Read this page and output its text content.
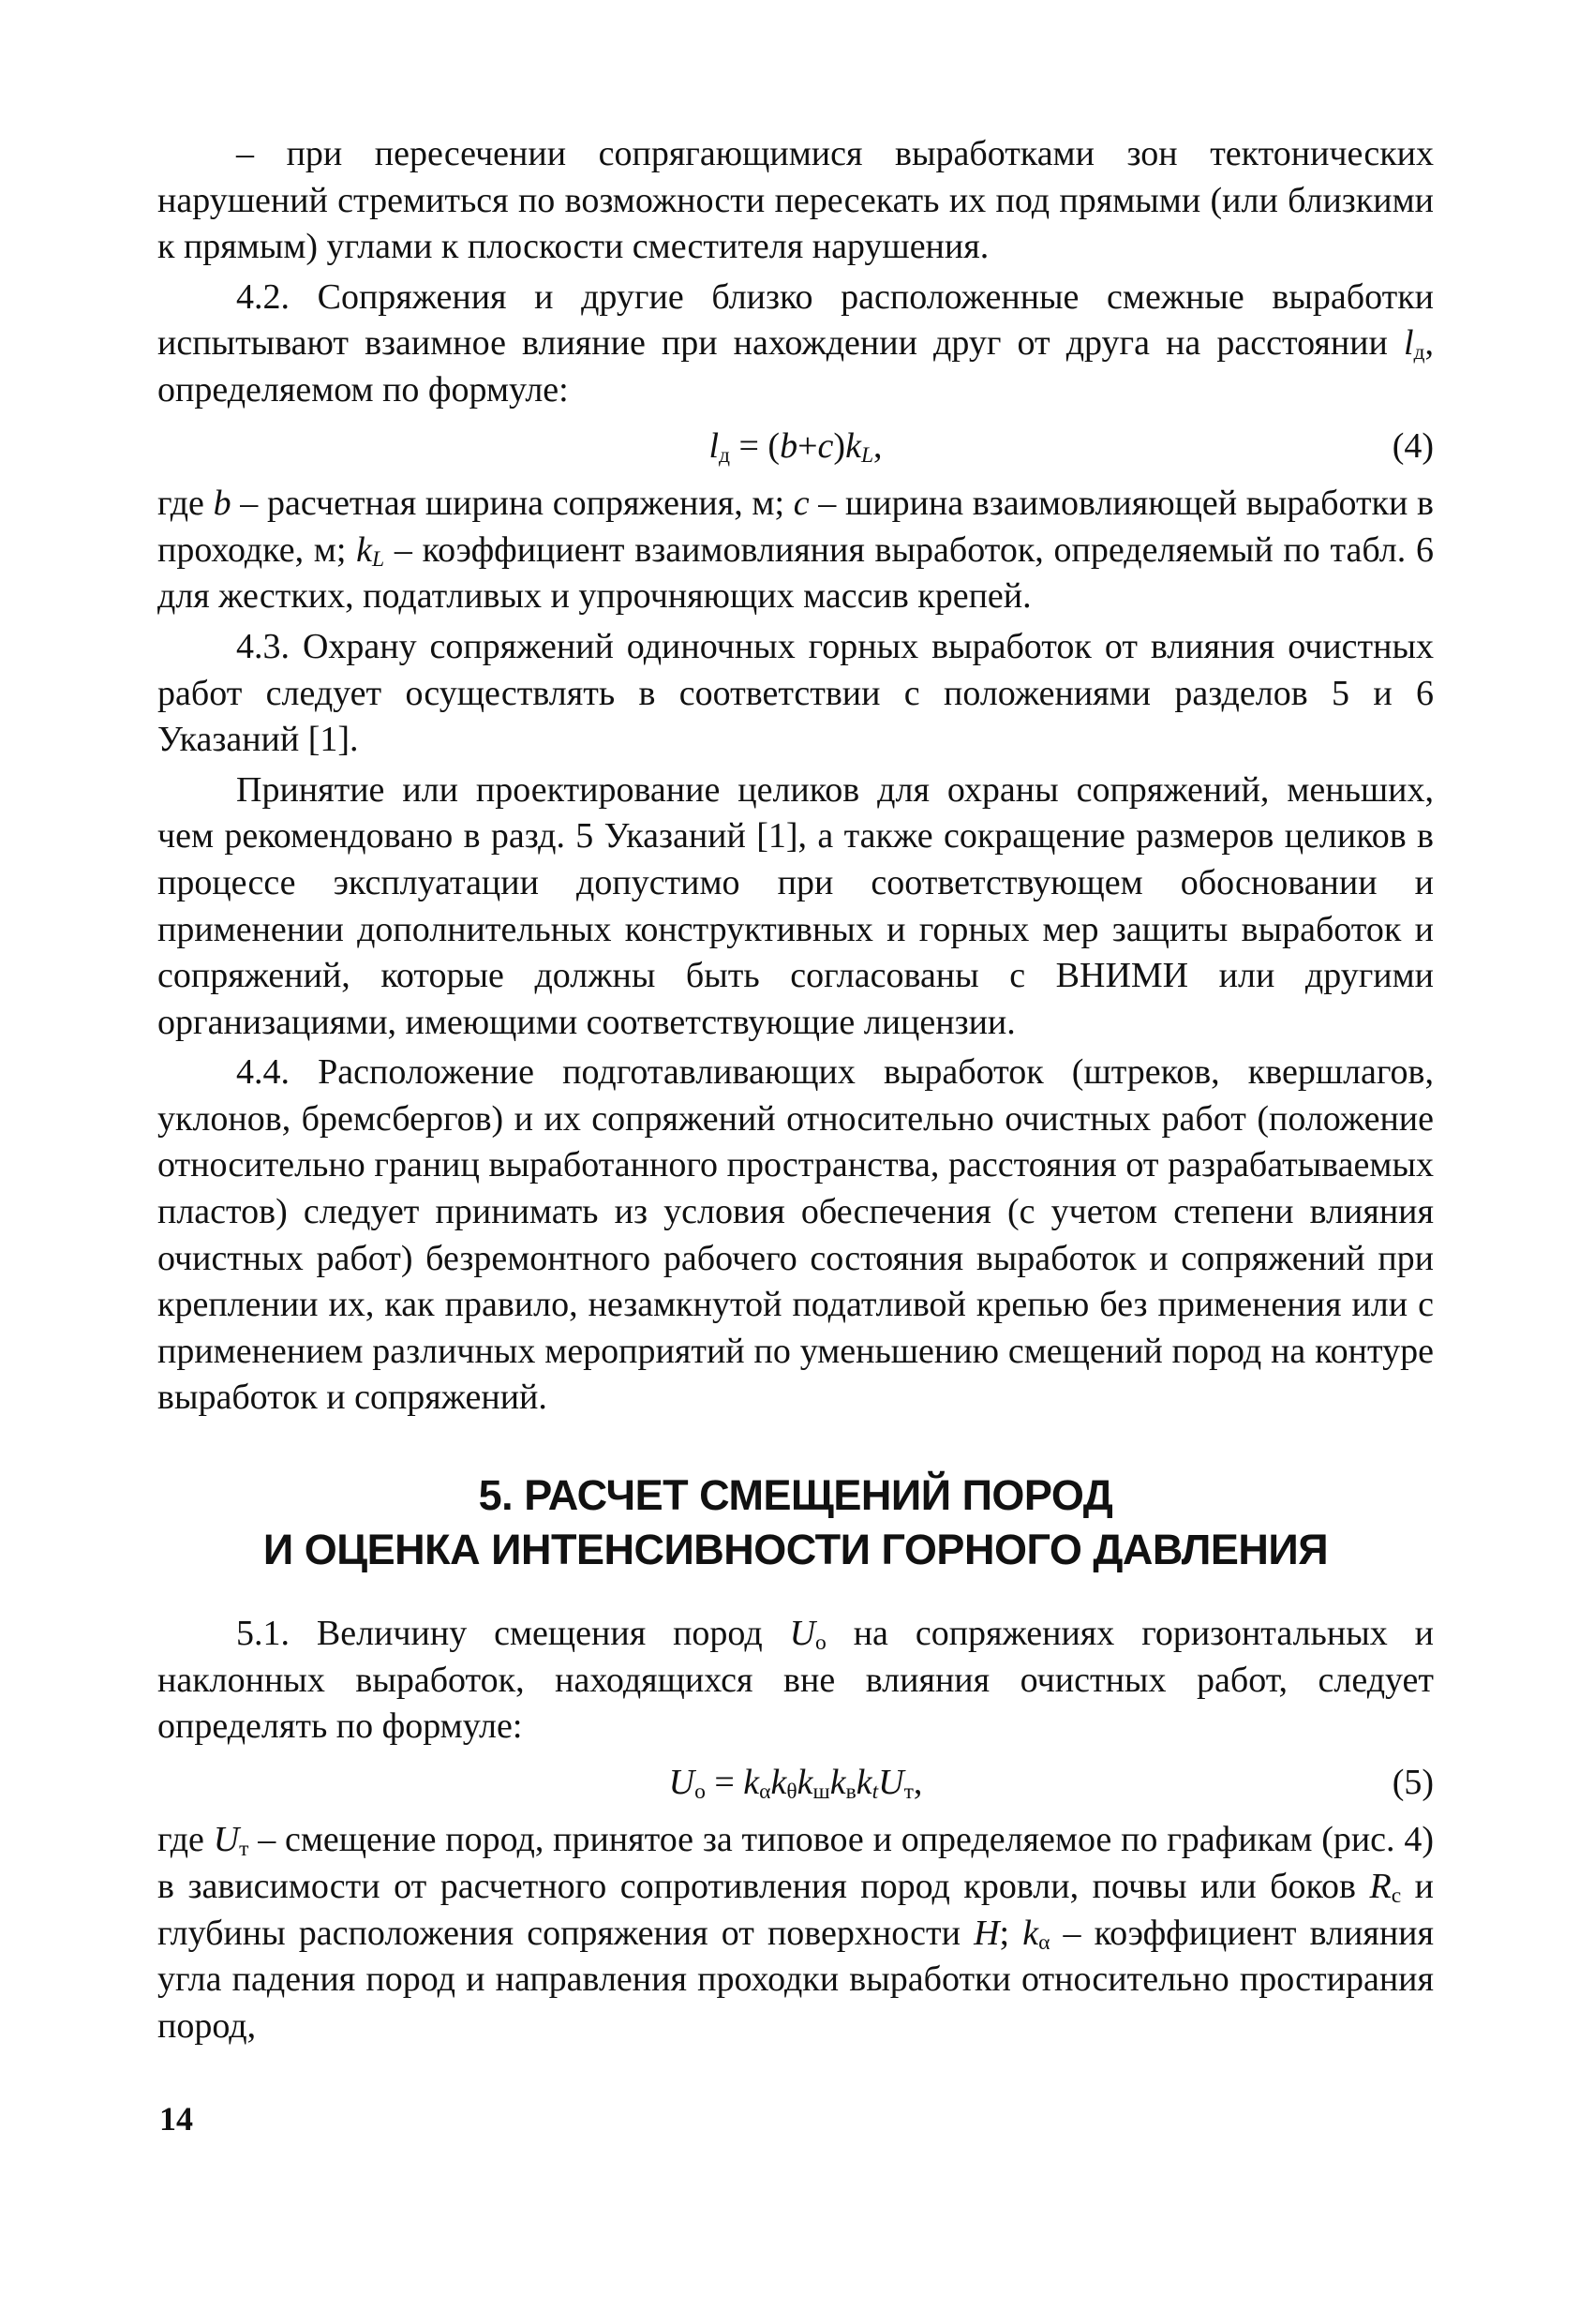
– при пересечении сопрягающимися выработками зон тектонических нарушений стремиться по возможности пересекать их под прямыми (или близкими к прямым) углами к плоскости сместителя нарушения.

4.2. Сопряжения и другие близко расположенные смежные выработки испытывают взаимное влияние при нахождении друг от друга на расстоянии $l_д$, определяемом по формуле:

$l_д = (b+c)k_L$,	(4)

где b – расчетная ширина сопряжения, м; c – ширина взаимовлияющей выработки в проходке, м; $k_L$ – коэффициент взаимовлияния выработок, определяемый по табл. 6 для жестких, податливых и упрочняющих массив крепей.

4.3. Охрану сопряжений одиночных горных выработок от влияния очистных работ следует осуществлять в соответствии с положениями разделов 5 и 6 Указаний [1].

Принятие или проектирование целиков для охраны сопряжений, меньших, чем рекомендовано в разд. 5 Указаний [1], а также сокращение размеров целиков в процессе эксплуатации допустимо при соответствующем обосновании и применении дополнительных конструктивных и горных мер защиты выработок и сопряжений, которые должны быть согласованы с ВНИМИ или другими организациями, имеющими соответствующие лицензии.

4.4. Расположение подготавливающих выработок (штреков, квершлагов, уклонов, бремсбергов) и их сопряжений относительно очистных работ (положение относительно границ выработанного пространства, расстояния от разрабатываемых пластов) следует принимать из условия обеспечения (с учетом степени влияния очистных работ) безремонтного рабочего состояния выработок и сопряжений при креплении их, как правило, незамкнутой податливой крепью без применения или с применением различных мероприятий по уменьшению смещений пород на контуре выработок и сопряжений.

5. РАСЧЕТ СМЕЩЕНИЙ ПОРОД
И ОЦЕНКА ИНТЕНСИВНОСТИ ГОРНОГО ДАВЛЕНИЯ

5.1. Величину смещения пород $U_о$ на сопряжениях горизонтальных и наклонных выработок, находящихся вне влияния очистных работ, следует определять по формуле:

$U_о = k_\alpha k_\theta k_шk_вk_tU_т$,	(5)

где $U_т$ – смещение пород, принятое за типовое и определяемое по графикам (рис. 4) в зависимости от расчетного сопротивления пород кровли, почвы или боков $R_с$ и глубины расположения сопряжения от поверхности H; $k_\alpha$ – коэффициент влияния угла падения пород и направления проходки выработки относительно простирания пород,

14
